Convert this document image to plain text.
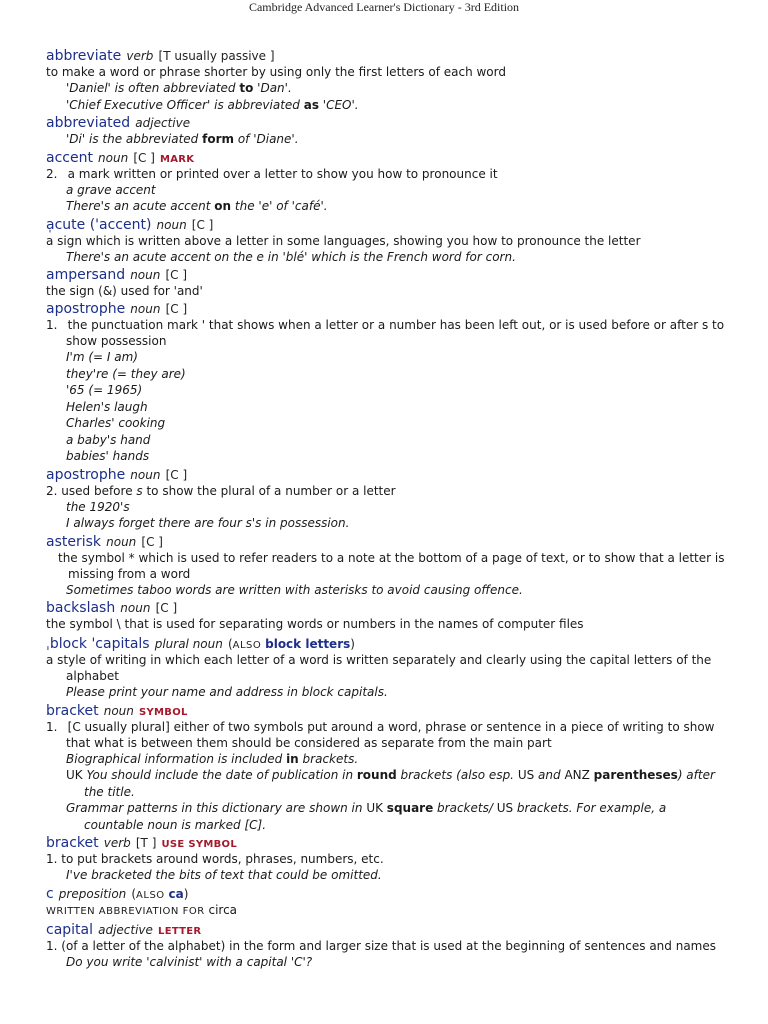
Cambridge Advanced Learner's Dictionary - 3rd Edition

abbreviate verb [T usually passive ]

to make a word or phrase shorter by using only the first letters of each word

'Daniel' is often abbreviated to 'Dan'.

'Chief Executive Officer' is abbreviated as 'CEO'.

abbreviated adjective

'Di' is the abbreviated form of 'Diane'.

accent noun [C ] MARK

2. a mark written or printed over a letter to show you how to pronounce it

a grave accent

There's an acute accent on the 'e' of 'café'.

a̩cute ('accent) noun [C ]

a sign which is written above a letter in some languages, showing you how to pronounce the letter

There's an acute accent on the e in 'blé' which is the French word for corn.

ampersand noun [C ]

the sign (&) used for 'and'

apostrophe noun [C ]

1. the punctuation mark ' that shows when a letter or a number has been left out, or is used before or after s to show possession

I'm (= I am)

they're (= they are)

'65 (= 1965)

Helen's laugh

Charles' cooking

a baby's hand

babies' hands

apostrophe noun [C ]

2. used before s to show the plural of a number or a letter

the 1920's

I always forget there are four s's in possession.

asterisk noun [C ]

the symbol * which is used to refer readers to a note at the bottom of a page of text, or to show that a letter is missing from a word

Sometimes taboo words are written with asterisks to avoid causing offence.

backslash noun [C ]

the symbol \ that is used for separating words or numbers in the names of computer files

ˌblock 'capitals plural noun (ALSO block letters)

a style of writing in which each letter of a word is written separately and clearly using the capital letters of the alphabet

Please print your name and address in block capitals.

bracket noun SYMBOL

1. [C usually plural] either of two symbols put around a word, phrase or sentence in a piece of writing to show that what is between them should be considered as separate from the main part

Biographical information is included in brackets.

UK You should include the date of publication in round brackets (also esp. US and ANZ parentheses) after the title.

Grammar patterns in this dictionary are shown in UK square brackets/ US brackets. For example, a countable noun is marked [C].

bracket verb [T ] USE SYMBOL

1. to put brackets around words, phrases, numbers, etc.

I've bracketed the bits of text that could be omitted.

c preposition (ALSO ca)

WRITTEN ABBREVIATION FOR circa

capital adjective LETTER

1. (of a letter of the alphabet) in the form and larger size that is used at the beginning of sentences and names

Do you write 'calvinist' with a capital 'C'?
